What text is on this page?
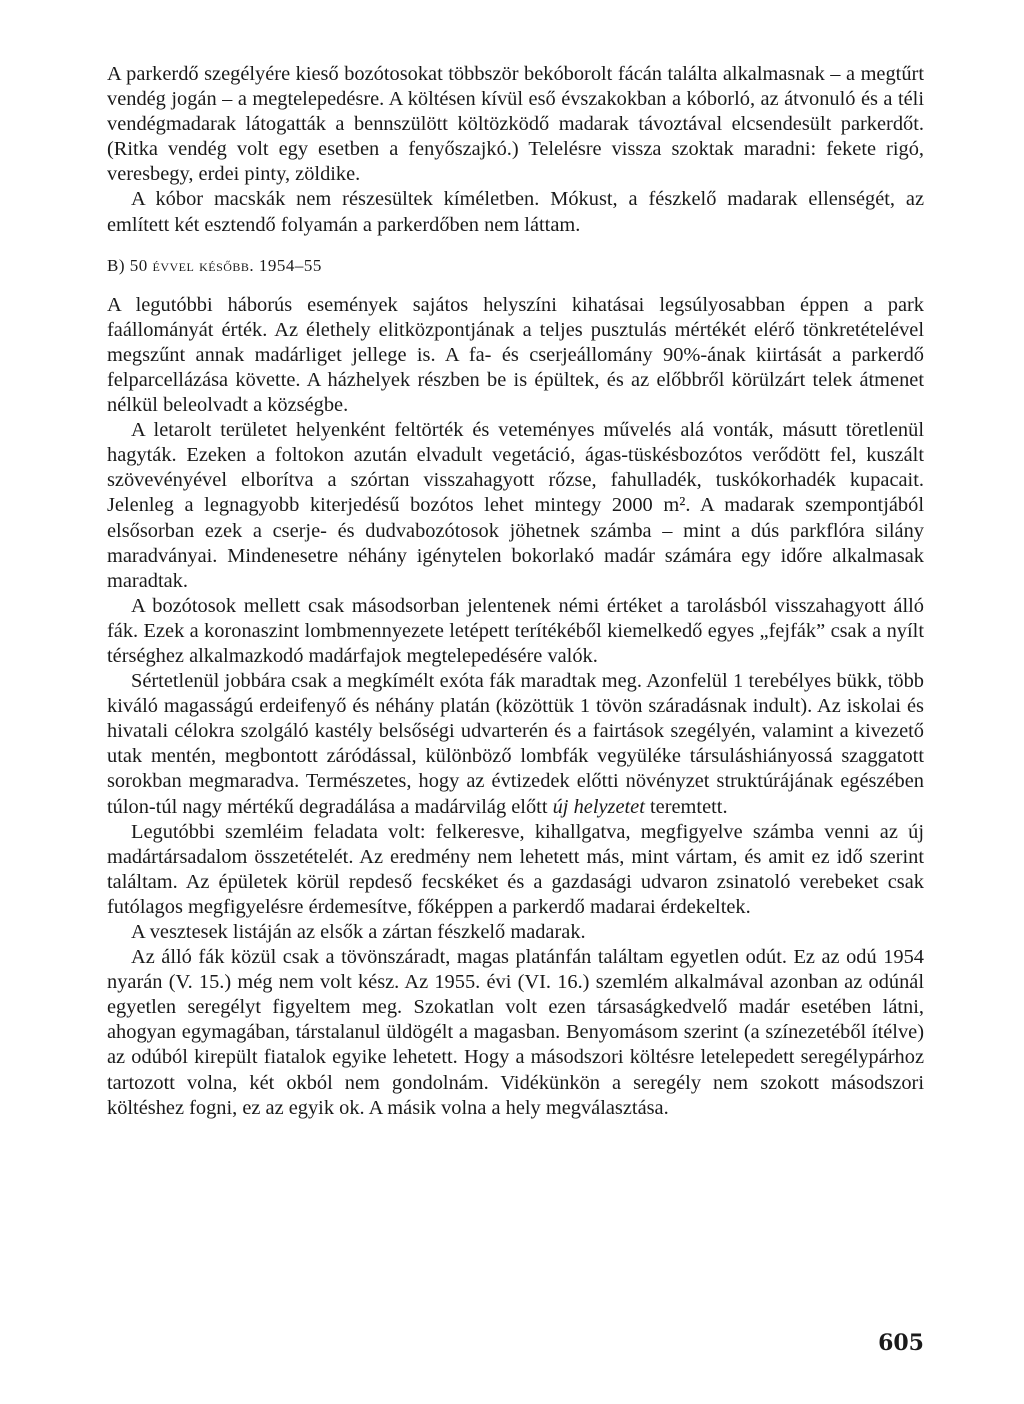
A parkerdő szegélyére kieső bozótosokat többször bekóborolt fácán találta alkalmasnak – a megtűrt vendég jogán – a megtelepedésre. A költésen kívül eső évszakokban a kóborló, az átvonuló és a téli vendégmadarak látogatták a bennszülött költözködő madarak távoztával elcsendesült parkerdőt. (Ritka vendég volt egy esetben a fenyőszajkó.) Telelésre vissza szoktak maradni: fekete rigó, veresbegy, erdei pinty, zöldike.

A kóbor macskák nem részesültek kíméletben. Mókust, a fészkelő madarak ellenségét, az említett két esztendő folyamán a parkerdőben nem láttam.

B) 50 évvel később. 1954–55

A legutóbbi háborús események sajátos helyszíni kihatásai legsúlyosabban éppen a park faállományát érték. Az élethely elitközpontjának a teljes pusztulás mértékét elérő tönkretételével megszűnt annak madárliget jellege is. A fa- és cserjeállomány 90%-ának kiirtását a parkerdő felparcellázása követte. A házhelyek részben be is épültek, és az előbbről körülzárt telek átmenet nélkül beleolvadt a községbe.

A letarolt területet helyenként feltörték és veteményes művelés alá vonták, másutt töretlenül hagyták. Ezeken a foltokon azután elvadult vegetáció, ágas-tüskésbozótos verődött fel, kuszált szövevényével elborítva a szórtan visszahagyott rőzse, fahulladék, tuskókorhadék kupacait. Jelenleg a legnagyobb kiterjedésű bozótos lehet mintegy 2000 m². A madarak szempontjából elsősorban ezek a cserje- és dudvabozótosok jöhetnek számba – mint a dús parkflóra silány maradványai. Mindenesetre néhány igénytelen bokorlakó madár számára egy időre alkalmasak maradtak.

A bozótosok mellett csak másodsorban jelentenek némi értéket a tarolásból visszahagyott álló fák. Ezek a koronaszint lombmennyezete letépett terítékéből kiemelkedő egyes „fejfák” csak a nyílt térséghez alkalmazkodó madárfajok megtelepedésére valók.

Sértetlenül jobbára csak a megkímélt exóta fák maradtak meg. Azonfelül 1 terebélyes bükk, több kiváló magasságú erdeifenyő és néhány platán (közöttük 1 tövön száradásnak indult). Az iskolai és hivatali célokra szolgáló kastély belsőségi udvarterén és a fairtások szegélyén, valamint a kivezető utak mentén, megbontott záródással, különböző lombfák vegyüléke társuláshiányossá szaggatott sorokban megmaradva. Természetes, hogy az évtizedek előtti növényzet struktúrájának egészében túlon-túl nagy mértékű degradálása a madárvilág előtt új helyzetet teremtett.

Legutóbbi szemléim feladata volt: felkeresve, kihallgatva, megfigyelve számba venni az új madártársadalom összetételét. Az eredmény nem lehetett más, mint vártam, és amit ez idő szerint találtam. Az épületek körül repdeső fecskéket és a gazdasági udvaron zsinatoló verebeket csak futólagos megfigyelésre érdemesítve, főképpen a parkerdő madarai érdekeltek.

A vesztesek listáján az elsők a zártan fészkelő madarak.

Az álló fák közül csak a tövönszáradt, magas platánfán találtam egyetlen odút. Ez az odú 1954 nyarán (V. 15.) még nem volt kész. Az 1955. évi (VI. 16.) szemlém alkalmával azonban az odúnál egyetlen seregélyt figyeltem meg. Szokatlan volt ezen társaságkedvelő madár esetében látni, ahogyan egymagában, társtalanul üldögélt a magasban. Benyomásom szerint (a színezetéből ítélve) az odúból kirepült fiatalok egyike lehetett. Hogy a másodszori költésre letelepedett seregélypárhoz tartozott volna, két okból nem gondolnám. Vidékünkön a seregély nem szokott másodszori költéshez fogni, ez az egyik ok. A másik volna a hely megválasztása.

605
